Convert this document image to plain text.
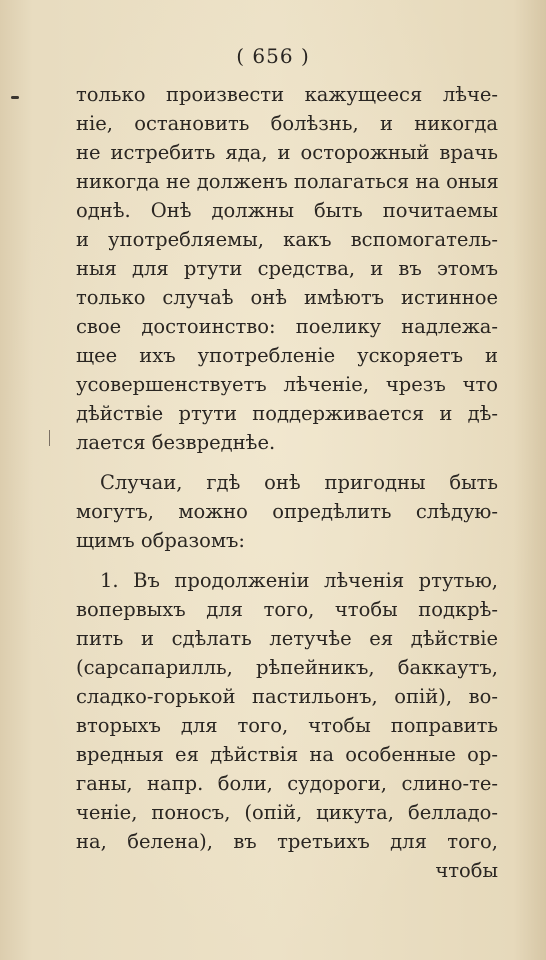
( 656 )
только произвести кажущееся лѣче-
ніе, остановить болѣзнь, и никогда
не истребить яда, и осторожный врачь
никогда не долженъ полагаться на оныя
однѣ. Онѣ должны быть почитаемы
и употребляемы, какъ вспомогатель-
ныя для ртути средства, и въ этомъ
только случаѣ онѣ имѣютъ истинное
свое достоинство: поелику надлежа-
щее ихъ употребленіе ускоряетъ и
усовершенствуетъ лѣченіе, чрезъ что
дѣйствіе ртути поддерживается и дѣ-
лается безвреднѣе.
Случаи, гдѣ онѣ пригодны быть
могутъ, можно опредѣлить слѣдую-
щимъ образомъ:
1. Въ продолженіи лѣченія ртутью,
вопервыхъ для того, чтобы подкрѣ-
пить и сдѣлать летучѣе ея дѣйствіе
(сарсапарилль, рѣпейникъ, баккаутъ,
сладко-горькой пастильонъ, опій), во-
вторыхъ для того, чтобы поправить
вредныя ея дѣйствія на особенные ор-
ганы, напр. боли, судороги, слино-те-
ченіе, поносъ, (опій, цикута, белладо-
на, белена), въ третьихъ для того,
чтобы
